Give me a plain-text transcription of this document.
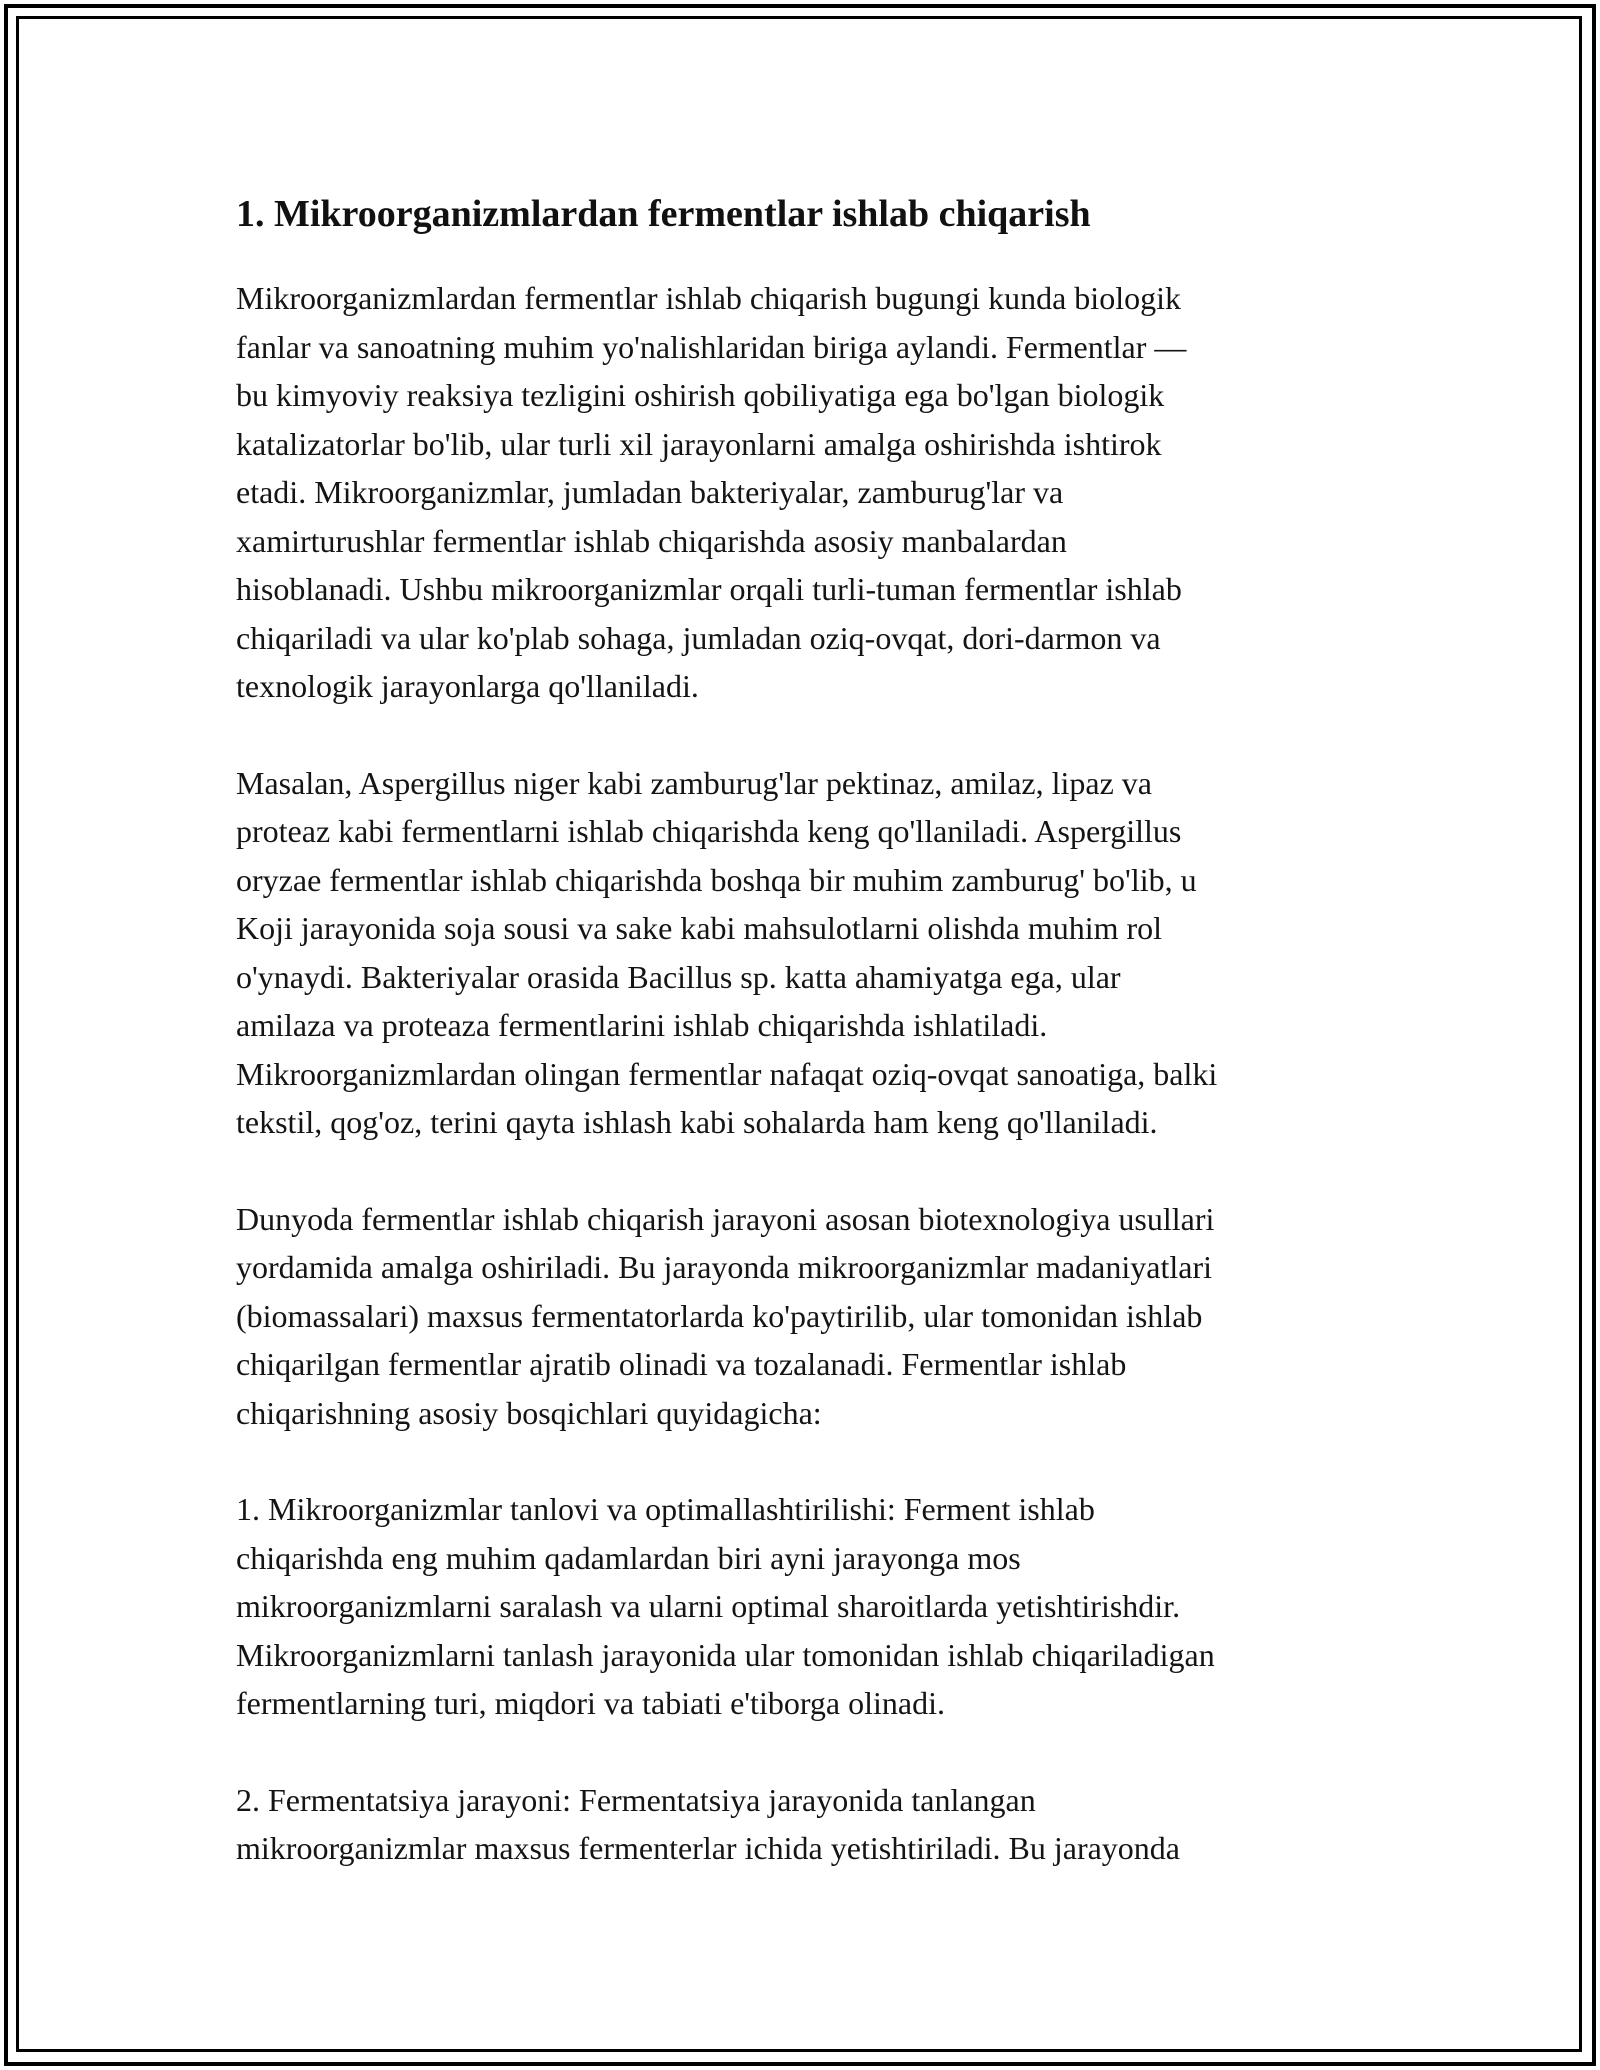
1. Mikroorganizmlardan fermentlar ishlab chiqarish

Mikroorganizmlardan fermentlar ishlab chiqarish bugungi kunda biologik
fanlar va sanoatning muhim yo'nalishlaridan biriga aylandi. Fermentlar —
bu kimyoviy reaksiya tezligini oshirish qobiliyatiga ega bo'lgan biologik
katalizatorlar bo'lib, ular turli xil jarayonlarni amalga oshirishda ishtirok
etadi. Mikroorganizmlar, jumladan bakteriyalar, zamburug'lar va
xamirturushlar fermentlar ishlab chiqarishda asosiy manbalardan
hisoblanadi. Ushbu mikroorganizmlar orqali turli-tuman fermentlar ishlab
chiqariladi va ular ko'plab sohaga, jumladan oziq-ovqat, dori-darmon va
texnologik jarayonlarga qo'llaniladi.

Masalan, Aspergillus niger kabi zamburug'lar pektinaz, amilaz, lipaz va
proteaz kabi fermentlarni ishlab chiqarishda keng qo'llaniladi. Aspergillus
oryzae fermentlar ishlab chiqarishda boshqa bir muhim zamburug' bo'lib, u
Koji jarayonida soja sousi va sake kabi mahsulotlarni olishda muhim rol
o'ynaydi. Bakteriyalar orasida Bacillus sp. katta ahamiyatga ega, ular
amilaza va proteaza fermentlarini ishlab chiqarishda ishlatiladi.
Mikroorganizmlardan olingan fermentlar nafaqat oziq-ovqat sanoatiga, balki
tekstil, qog'oz, terini qayta ishlash kabi sohalarda ham keng qo'llaniladi.

Dunyoda fermentlar ishlab chiqarish jarayoni asosan biotexnologiya usullari
yordamida amalga oshiriladi. Bu jarayonda mikroorganizmlar madaniyatlari
(biomassalari) maxsus fermentatorlarda ko'paytirilib, ular tomonidan ishlab
chiqarilgan fermentlar ajratib olinadi va tozalanadi. Fermentlar ishlab
chiqarishning asosiy bosqichlari quyidagicha:

1. Mikroorganizmlar tanlovi va optimallashtirilishi: Ferment ishlab
chiqarishda eng muhim qadamlardan biri ayni jarayonga mos
mikroorganizmlarni saralash va ularni optimal sharoitlarda yetishtirishdir.
Mikroorganizmlarni tanlash jarayonida ular tomonidan ishlab chiqariladigan
fermentlarning turi, miqdori va tabiati e'tiborga olinadi.

2. Fermentatsiya jarayoni: Fermentatsiya jarayonida tanlangan
mikroorganizmlar maxsus fermenterlar ichida yetishtiriladi. Bu jarayonda
